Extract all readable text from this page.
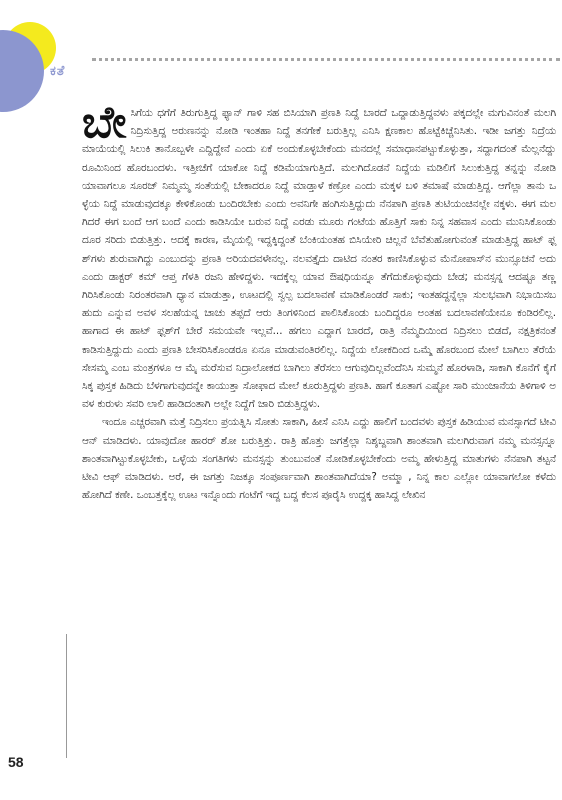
ಕತೆ

ಬೇಸಿಗೆಯ ಧಗೆಗೆ ತಿರುಗುತ್ತಿದ್ದ ಫ್ಯಾನ್ ಗಾಳಿ ಸಹ ಬಿಸಿಯಾಗಿ ಪ್ರಣತಿ ನಿದ್ದೆ ಬಾರದೆ ಒದ್ದಾಡುತ್ತಿದ್ದವಳು ಪಕ್ಕದಲ್ಲೇ ಮಗುವಿನಂತೆ ಮಲಗಿ ನಿದ್ರಿಸುತ್ತಿದ್ದ ಅರುಣನನ್ನು ನೋಡಿ ಇಂತಹಾ ನಿದ್ದೆ ತನಗೇಕೆ ಬರುತ್ತಿಲ್ಲ ಎನಿಸಿ ಕ್ಷಣಕಾಲ ಹೊಟ್ಟೆಕಿಚ್ಚೆನಿಸಿತು. ಇಡೀ ಜಗತ್ತು ನಿದ್ರೆಯ ಮಾಯೆಯಲ್ಲಿ ಸಿಲುಕಿ ತಾನೊಬ್ಬಳೇ ಎದ್ದಿದ್ದೇನೆ ಎಂದು ಏಕೆ ಅಂದುಕೊಳ್ಳಬೇಕೆಂದು ಮನದಲ್ಲೆ ಸಮಾಧಾನಪಟ್ಟುಕೊಳ್ಳುತ್ತಾ, ಸದ್ದಾಗದಂತೆ ಮೆಲ್ಲನೆದ್ದು ರೂಮಿನಿಂದ ಹೊರಬಂದಳು. ಇತ್ತೀಚೆಗೆ ಯಾಕೋ ನಿದ್ದೆ ಕಡಿಮೆಯಾಗುತ್ತಿದೆ. ಮಲಗಿದೊಡನೆ ನಿದ್ದೆಯ ಮಡಿಲಿಗೆ ಸಿಲುಕುತ್ತಿದ್ದ ತನ್ನನ್ನು ನೋಡಿ ಯಾವಾಗಲೂ ಸೂರಜ್ ನಿಮ್ಮಮ್ಮ ಸಂತೆಯಲ್ಲಿ ಬೇಕಾದರೂ ನಿದ್ದೆ ಮಾಡ್ತಾಳೆ ಕಣ್ರೋ ಎಂದು ಮಕ್ಕಳ ಬಳಿ ತಮಾಷೆ ಮಾಡುತ್ತಿದ್ದ. ಆಗೆಲ್ಲಾ ತಾನು ಒಳ್ಳೆಯ ನಿದ್ದೆ ಮಾಡುವುದಕ್ಕೂ ಕೇಳಿಕೊಂಡು ಬಂದಿರಬೇಕು ಎಂದು ಅವನಿಗೇ ಹಂಗಿಸುತ್ತಿದ್ದುದು ನೆನಪಾಗಿ ಪ್ರಣತಿ ತುಟಿಯಂಚಿನಲ್ಲೇ ನಕ್ಕಳು. ಈಗ ಮಲಗಿದರೆ ಈಗ ಬಂದೆ ಆಗ ಬಂದೆ ಎಂದು ಕಾಡಿಸಿಯೇ ಬರುವ ನಿದ್ದೆ ಎರಡು ಮೂರು ಗಂಟೆಯ ಹೊತ್ತಿಗೆ ಸಾಕು ನಿನ್ನ ಸಹವಾಸ ಎಂದು ಮುನಿಸಿಕೊಂಡು ದೂರ ಸರಿದು ಬಿಡುತ್ತಿತ್ತು. ಅದಕ್ಕೆ ಕಾರಣ, ಮೈಯಲ್ಲಿ ಇದ್ದಕ್ಕಿದ್ದಂತೆ ಬೆಂಕಿಯಂತಹ ಬಿಸಿಯೇರಿ ಚಿಲ್ಲನೆ ಬೆವೆತುಹೋಗುವಂತೆ ಮಾಡುತ್ತಿದ್ದ ಹಾಟ್ ಫ್ಲಶ್‌ಗಳು ಶುರುವಾಗಿದ್ದು ಎಂಬುದನ್ನು ಪ್ರಣತಿ ಅರಿಯದವಳೇನಲ್ಲ. ನಲವತ್ತೈದು ದಾಟಿದ ನಂತರ ಕಾಣಿಸಿಕೊಳ್ಳುವ ಮೆನೋಪಾಸ್‌ನ ಮುನ್ಸೂಚನೆ ಅದು ಎಂದು ಡಾಕ್ಟರ್ ಕಮ್ ಆಪ್ತ ಗೆಳತಿ ರಜನಿ ಹೇಳಿದ್ದಳು. ಇದಕ್ಕೆಲ್ಲ ಯಾವ ಔಷಧಿಯನ್ನೂ ತೆಗೆದುಕೊಳ್ಳುವುದು ಬೇಡ; ಮನಸ್ಸನ್ನ ಆದಷ್ಟೂ ತಣ್ಣಗಿರಿಸಿಕೊಂಡು ನಿರಂತರವಾಗಿ ಧ್ಯಾನ ಮಾಡುತ್ತಾ, ಊಟದಲ್ಲಿ ಸ್ವಲ್ಪ ಬದಲಾವಣೆ ಮಾಡಿಕೊಂಡರೆ ಸಾಕು; ಇಂತಹದ್ದನ್ನೆಲ್ಲಾ ಸುಲಭವಾಗಿ ನಿಭಾಯಿಸಬಹುದು ಎನ್ನುವ ಅವಳ ಸಲಹೆಯನ್ನ ಚಾಚು ತಪ್ಪದೆ ಆರು ತಿಂಗಳಿನಿಂದ ಪಾಲಿಸಿಕೊಂಡು ಬಂದಿದ್ದರೂ ಅಂತಹ ಬದಲಾವಣೆಯೇನೂ ಕಂಡಿರಲಿಲ್ಲ. ಹಾಗಾದ ಈ ಹಾಟ್ ಫ್ಲಶ್‌ಗೆ ಬೇರೆ ಸಮಯವೇ ಇಲ್ಲವೆ... ಹಗಲು ಎದ್ದಾಗ ಬಾರದೆ, ರಾತ್ರಿ ನೆಮ್ಮದಿಯಿಂದ ನಿದ್ರಿಸಲು ಬಿಡದೆ, ನಕ್ಷತ್ರಿಕನಂತೆ ಕಾಡಿಸುತ್ತಿದ್ದುದು ಎಂದು ಪ್ರಣತಿ ಬೇಸರಿಸಿಕೊಂಡರೂ ಏನೂ ಮಾಡುವಂತಿರಲಿಲ್ಲ. ನಿದ್ದೆಯ ಲೋಕದಿಂದ ಒಮ್ಮೆ ಹೊರಬಂದ ಮೇಲೆ ಬಾಗಿಲು ತೆರೆಯೆ ಸೇಸಮ್ಮ ಎಂಬ ಮಂತ್ರಗಳೂ ಆ ಮೈ ಮರೆಸುವ ನಿದ್ರಾಲೋಕದ ಬಾಗಿಲು ತೆರೆಸಲು ಆಗುವುದಿಲ್ಲವೆಂದೆನಿಸಿ ಸುಮ್ಮನೆ ಹೊರಳಾಡಿ, ಸಾಕಾಗಿ ಕೊನೆಗೆ ಕೈಗೆ ಸಿಕ್ಕ ಪುಸ್ತಕ ಹಿಡಿದು ಬೆಳಗಾಗುವುದನ್ನೇ ಕಾಯುತ್ತಾ ಸೋಫಾದ ಮೇಲೆ ಕೂರುತ್ತಿದ್ದಳು ಪ್ರಣತಿ. ಹಾಗೆ ಕೂತಾಗ ಎಷ್ಟೋ ಸಾರಿ ಮುಂಜಾನೆಯ ತಿಳಿಗಾಳಿ ಅವಳ ಕುರುಳು ಸವರಿ ಲಾಲಿ ಹಾಡಿದಂತಾಗಿ ಅಲ್ಲೇ ನಿದ್ದೆಗೆ ಜಾರಿ ಬಿಡುತ್ತಿದ್ದಳು.

ಇಂದೂ ಎಚ್ಚರವಾಗಿ ಮತ್ತೆ ನಿದ್ರಿಸಲು ಪ್ರಯತ್ನಿಸಿ ಸೋತು ಸಾಕಾಗಿ, ಹೀಸೆ ಎನಿಸಿ ಎದ್ದು ಹಾಲಿಗೆ ಬಂದವಳು ಪುಸ್ತಕ ಹಿಡಿಯುವ ಮನಸ್ಸಾಗದೆ ಟೀವಿ ಆನ್ ಮಾಡಿದಳು. ಯಾವುದೋ ಹಾರರ್ ಶೋ ಬರುತ್ತಿತ್ತು. ರಾತ್ರಿ ಹೊತ್ತು ಜಗತ್ತೆಲ್ಲಾ ನಿಶ್ಶಬ್ದವಾಗಿ ಶಾಂತವಾಗಿ ಮಲಗಿರುವಾಗ ನಮ್ಮ ಮನಸ್ಸನ್ನೂ ಶಾಂತವಾಗಿಟ್ಟುಕೊಳ್ಳಬೇಕು, ಒಳ್ಳೆಯ ಸಂಗತಿಗಳು ಮನಸ್ಸನ್ನು ತುಂಬುವಂತೆ ನೋಡಿಕೊಳ್ಳಬೇಕೆಂದು ಅಮ್ಮ ಹೇಳುತ್ತಿದ್ದ ಮಾತುಗಳು ನೆನಪಾಗಿ ತಟ್ಟನೆ ಟೀವಿ ಆಫ್ ಮಾಡಿದಳು. ಅರೆ, ಈ ಜಗತ್ತು ನಿಜಕ್ಕೂ ಸಂಪೂರ್ಣವಾಗಿ ಶಾಂತವಾಗಿದೆಯಾ? ಅಮ್ಮಾ , ನಿನ್ನ ಕಾಲ ಎಲ್ಲೋ ಯಾವಾಗಲೋ ಕಳೆದು ಹೋಗಿದೆ ಕಣೇ. ಒಂಬತ್ತಕ್ಕೆಲ್ಲ ಊಟ ಇನ್ನೊಂದು ಗಂಟೆಗೆ ಇದ್ದ ಬದ್ದ ಕೆಲಸ ಪೂರೈಸಿ ಉದ್ದಕ್ಕ ಹಾಸಿದ್ದ ಲೇಖಿನ

58
